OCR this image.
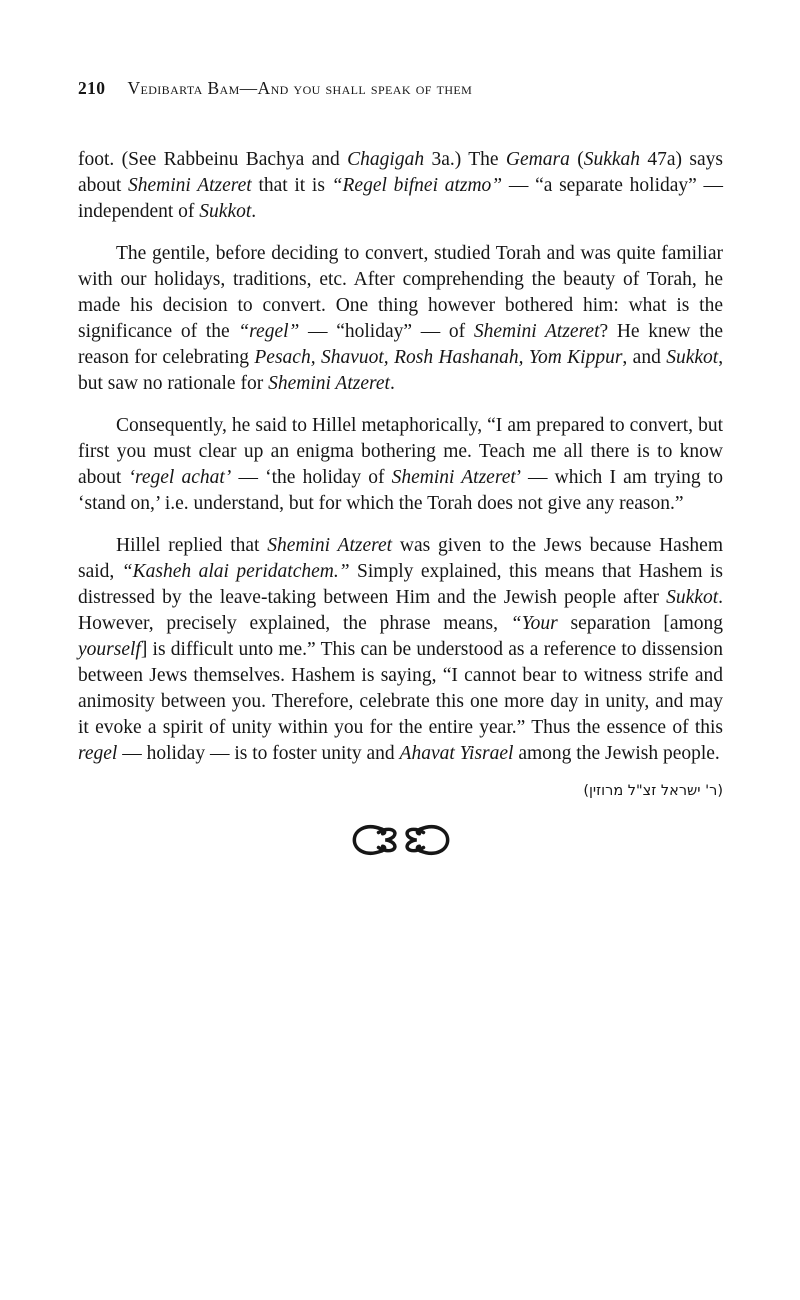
210 Vedibarta Bam—And you shall speak of them

foot. (See Rabbeinu Bachya and Chagigah 3a.) The Gemara (Sukkah 47a) says about Shemini Atzeret that it is “Regel bifnei atzmo” — “a separate holiday” — independent of Sukkot.

The gentile, before deciding to convert, studied Torah and was quite familiar with our holidays, traditions, etc. After comprehending the beauty of Torah, he made his decision to convert. One thing however bothered him: what is the significance of the “regel” — “holiday” — of Shemini Atzeret? He knew the reason for celebrating Pesach, Shavuot, Rosh Hashanah, Yom Kippur, and Sukkot, but saw no rationale for Shemini Atzeret.

Consequently, he said to Hillel metaphorically, “I am prepared to convert, but first you must clear up an enigma bothering me. Teach me all there is to know about ‘regel achat’ — ‘the holiday of Shemini Atzeret’ — which I am trying to ‘stand on,’ i.e. understand, but for which the Torah does not give any reason.”

Hillel replied that Shemini Atzeret was given to the Jews because Hashem said, “Kasheh alai peridatchem.” Simply explained, this means that Hashem is distressed by the leave-taking between Him and the Jewish people after Sukkot. However, precisely explained, the phrase means, “Your separation [among yourself] is difficult unto me.” This can be understood as a reference to dissension between Jews themselves. Hashem is saying, “I cannot bear to witness strife and animosity between you. Therefore, celebrate this one more day in unity, and may it evoke a spirit of unity within you for the entire year.” Thus the essence of this regel — holiday — is to foster unity and Ahavat Yisrael among the Jewish people.

(ר' ישראל זצ"ל מרוזין)
